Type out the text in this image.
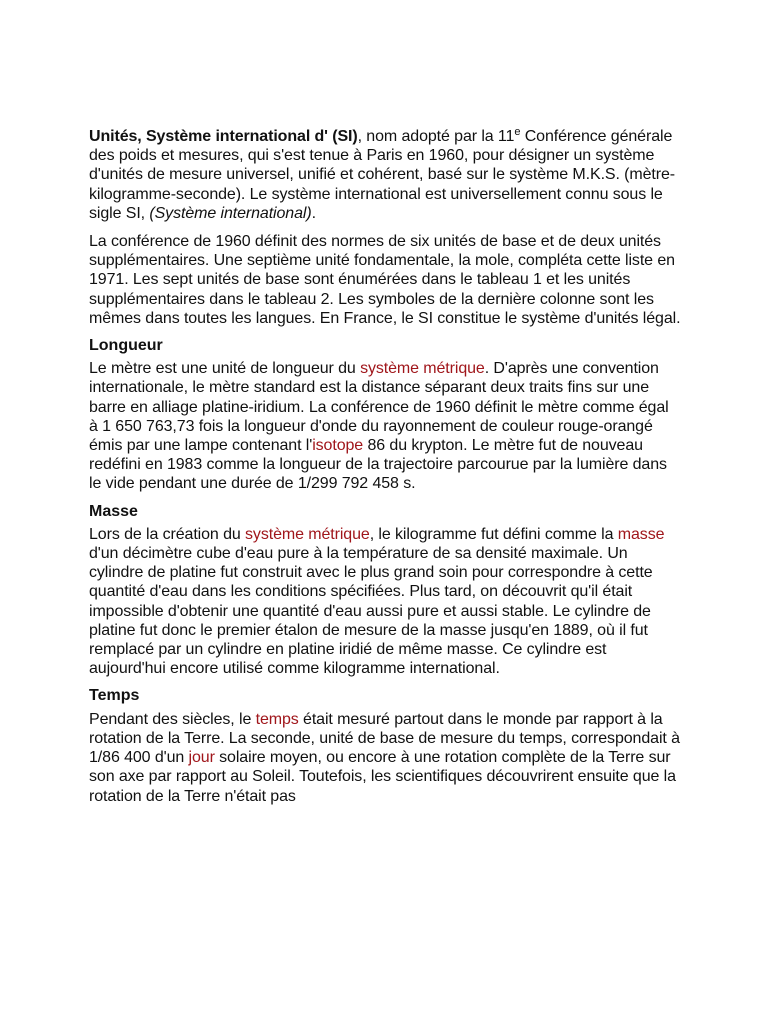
Unités, Système international d' (SI), nom adopté par la 11e Conférence générale des poids et mesures, qui s'est tenue à Paris en 1960, pour désigner un système d'unités de mesure universel, unifié et cohérent, basé sur le système M.K.S. (mètre-kilogramme-seconde). Le système international est universellement connu sous le sigle SI, (Système international).

La conférence de 1960 définit des normes de six unités de base et de deux unités supplémentaires. Une septième unité fondamentale, la mole, compléta cette liste en 1971. Les sept unités de base sont énumérées dans le tableau 1 et les unités supplémentaires dans le tableau 2. Les symboles de la dernière colonne sont les mêmes dans toutes les langues. En France, le SI constitue le système d'unités légal.

Longueur

Le mètre est une unité de longueur du système métrique. D'après une convention internationale, le mètre standard est la distance séparant deux traits fins sur une barre en alliage platine-iridium. La conférence de 1960 définit le mètre comme égal à 1 650 763,73 fois la longueur d'onde du rayonnement de couleur rouge-orangé émis par une lampe contenant l'isotope 86 du krypton. Le mètre fut de nouveau redéfini en 1983 comme la longueur de la trajectoire parcourue par la lumière dans le vide pendant une durée de 1/299 792 458 s.

Masse

Lors de la création du système métrique, le kilogramme fut défini comme la masse d'un décimètre cube d'eau pure à la température de sa densité maximale. Un cylindre de platine fut construit avec le plus grand soin pour correspondre à cette quantité d'eau dans les conditions spécifiées. Plus tard, on découvrit qu'il était impossible d'obtenir une quantité d'eau aussi pure et aussi stable. Le cylindre de platine fut donc le premier étalon de mesure de la masse jusqu'en 1889, où il fut remplacé par un cylindre en platine iridié de même masse. Ce cylindre est aujourd'hui encore utilisé comme kilogramme international.

Temps

Pendant des siècles, le temps était mesuré partout dans le monde par rapport à la rotation de la Terre. La seconde, unité de base de mesure du temps, correspondait à 1/86 400 d'un jour solaire moyen, ou encore à une rotation complète de la Terre sur son axe par rapport au Soleil. Toutefois, les scientifiques découvrirent ensuite que la rotation de la Terre n'était pas
